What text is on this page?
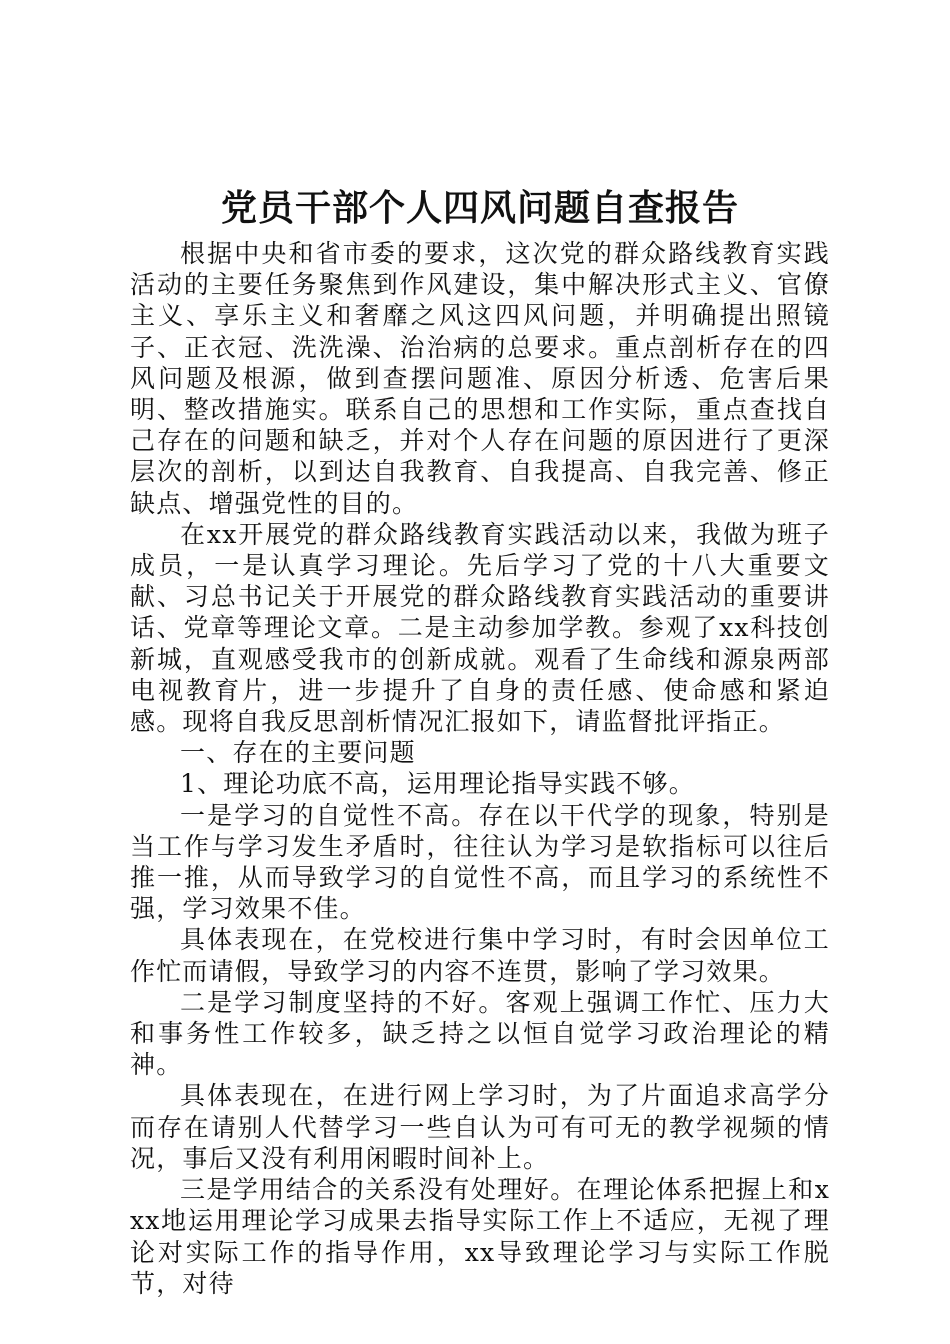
党员干部个人四风问题自查报告

根据中央和省市委的要求，这次党的群众路线教育实践活动的主要任务聚焦到作风建设，集中解决形式主义、官僚主义、享乐主义和奢靡之风这四风问题，并明确提出照镜子、正衣冠、洗洗澡、治治病的总要求。重点剖析存在的四风问题及根源，做到查摆问题准、原因分析透、危害后果明、整改措施实。联系自己的思想和工作实际，重点查找自己存在的问题和缺乏，并对个人存在问题的原因进行了更深层次的剖析，以到达自我教育、自我提高、自我完善、修正缺点、增强党性的目的。

在xx开展党的群众路线教育实践活动以来，我做为班子成员，一是认真学习理论。先后学习了党的十八大重要文献、习总书记关于开展党的群众路线教育实践活动的重要讲话、党章等理论文章。二是主动参加学教。参观了xx科技创新城，直观感受我市的创新成就。观看了生命线和源泉两部电视教育片，进一步提升了自身的责任感、使命感和紧迫感。现将自我反思剖析情况汇报如下，请监督批评指正。

一、存在的主要问题

1、理论功底不高，运用理论指导实践不够。

一是学习的自觉性不高。存在以干代学的现象，特别是当工作与学习发生矛盾时，往往认为学习是软指标可以往后推一推，从而导致学习的自觉性不高，而且学习的系统性不强，学习效果不佳。

具体表现在，在党校进行集中学习时，有时会因单位工作忙而请假，导致学习的内容不连贯，影响了学习效果。

二是学习制度坚持的不好。客观上强调工作忙、压力大和事务性工作较多，缺乏持之以恒自觉学习政治理论的精神。

具体表现在，在进行网上学习时，为了片面追求高学分而存在请别人代替学习一些自认为可有可无的教学视频的情况，事后又没有利用闲暇时间补上。

三是学用结合的关系没有处理好。在理论体系把握上和xxx地运用理论学习成果去指导实际工作上不适应，无视了理论对实际工作的指导作用，xx导致理论学习与实际工作脱节，对待
